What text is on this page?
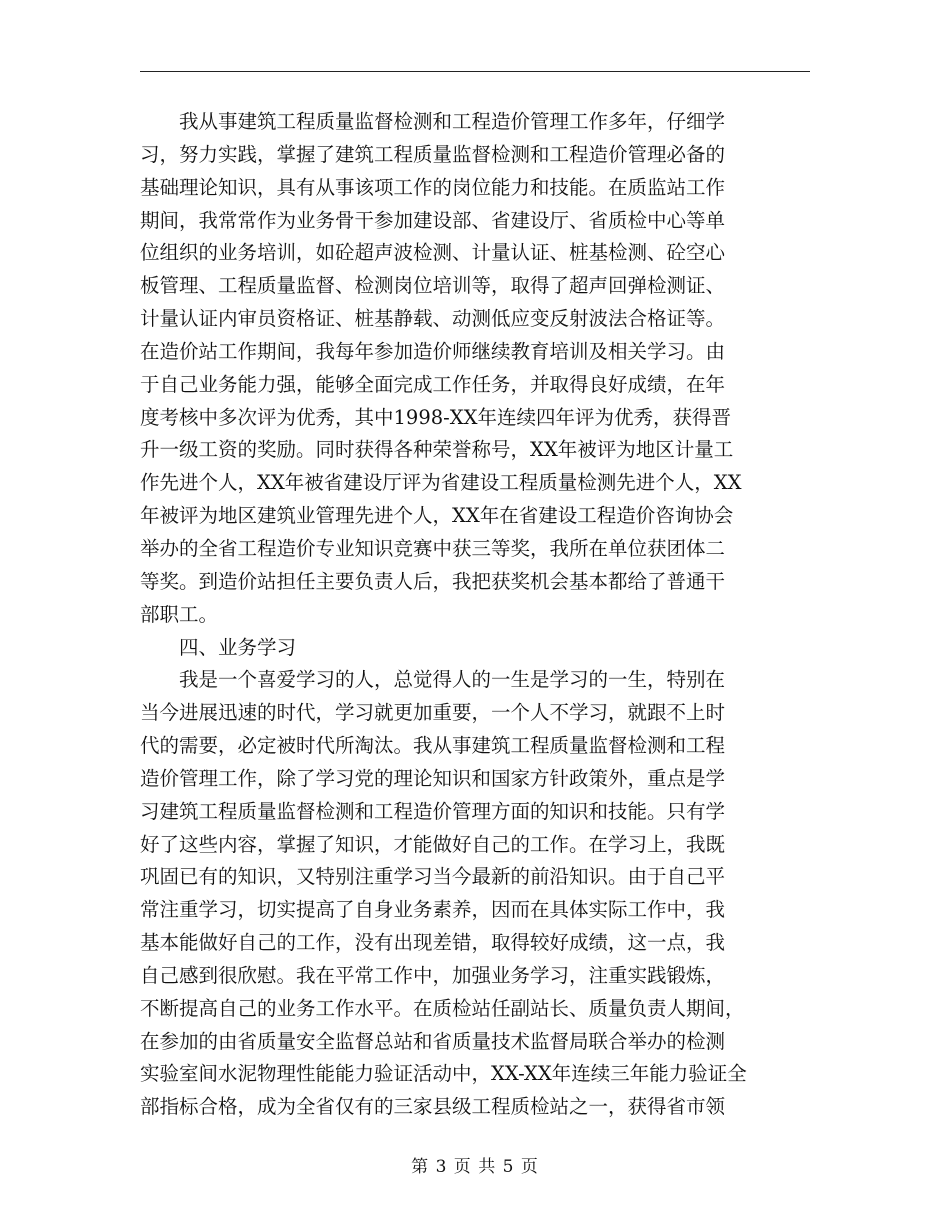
　　我从事建筑工程质量监督检测和工程造价管理工作多年，仔细学
习，努力实践，掌握了建筑工程质量监督检测和工程造价管理必备的
基础理论知识，具有从事该项工作的岗位能力和技能。在质监站工作
期间，我常常作为业务骨干参加建设部、省建设厅、省质检中心等单
位组织的业务培训，如砼超声波检测、计量认证、桩基检测、砼空心
板管理、工程质量监督、检测岗位培训等，取得了超声回弹检测证、
计量认证内审员资格证、桩基静载、动测低应变反射波法合格证等。
在造价站工作期间，我每年参加造价师继续教育培训及相关学习。由
于自己业务能力强，能够全面完成工作任务，并取得良好成绩，在年
度考核中多次评为优秀，其中1998-XX年连续四年评为优秀，获得晋
升一级工资的奖励。同时获得各种荣誉称号，XX年被评为地区计量工
作先进个人，XX年被省建设厅评为省建设工程质量检测先进个人，XX
年被评为地区建筑业管理先进个人，XX年在省建设工程造价咨询协会
举办的全省工程造价专业知识竞赛中获三等奖，我所在单位获团体二
等奖。到造价站担任主要负责人后，我把获奖机会基本都给了普通干
部职工。
　　四、业务学习
　　我是一个喜爱学习的人，总觉得人的一生是学习的一生，特别在
当今进展迅速的时代，学习就更加重要，一个人不学习，就跟不上时
代的需要，必定被时代所淘汰。我从事建筑工程质量监督检测和工程
造价管理工作，除了学习党的理论知识和国家方针政策外，重点是学
习建筑工程质量监督检测和工程造价管理方面的知识和技能。只有学
好了这些内容，掌握了知识，才能做好自己的工作。在学习上，我既
巩固已有的知识，又特别注重学习当今最新的前沿知识。由于自己平
常注重学习，切实提高了自身业务素养，因而在具体实际工作中，我
基本能做好自己的工作，没有出现差错，取得较好成绩，这一点，我
自己感到很欣慰。我在平常工作中，加强业务学习，注重实践锻炼，
不断提高自己的业务工作水平。在质检站任副站长、质量负责人期间，
在参加的由省质量安全监督总站和省质量技术监督局联合举办的检测
实验室间水泥物理性能能力验证活动中，XX-XX年连续三年能力验证全
部指标合格，成为全省仅有的三家县级工程质检站之一，获得省市领
第 3 页 共 5 页
